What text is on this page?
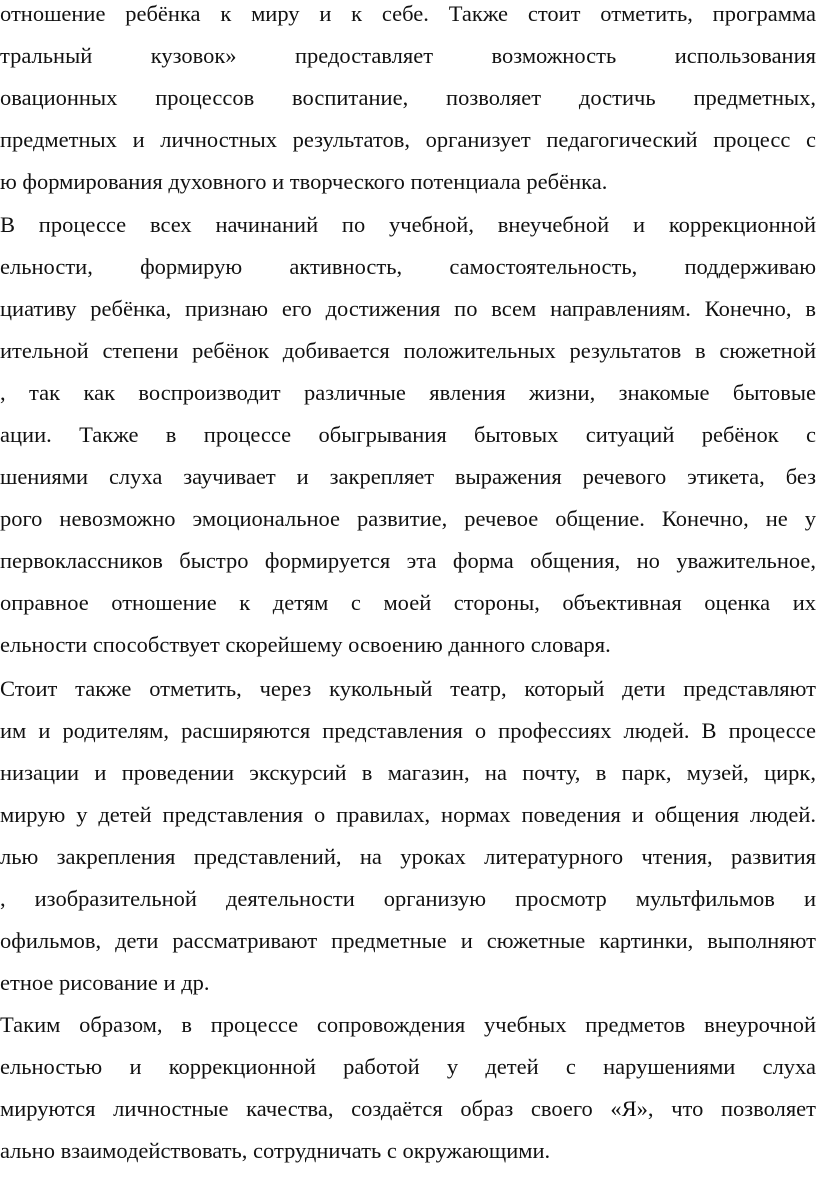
отношение ребёнка к миру и к себе. Также стоит отметить, программа
тральный кузовок» предоставляет возможность использования
овационных процессов воспитание, позволяет достичь предметных,
предметных и личностных результатов, организует педагогический процесс с
ю формирования духовного и творческого потенциала ребёнка.
В процессе всех начинаний по учебной, внеучебной и коррекционной
ельности, формирую активность, самостоятельность, поддерживаю
циативу ребёнка, признаю его достижения по всем направлениям. Конечно, в
ительной степени ребёнок добивается положительных результатов в сюжетной
, так как воспроизводит различные явления жизни, знакомые бытовые
ации. Также в процессе обыгрывания бытовых ситуаций ребёнок с
шениями слуха заучивает и закрепляет выражения речевого этикета, без
рого невозможно эмоциональное развитие, речевое общение. Конечно, не у
первоклассников быстро формируется эта форма общения, но уважительное,
оправное отношение к детям с моей стороны, объективная оценка их
ельности способствует скорейшему освоению данного словаря.
Стоит также отметить, через кукольный театр, который дети представляют
им и родителям, расширяются представления о профессиях людей. В процессе
низации и проведении экскурсий в магазин, на почту, в парк, музей, цирк,
мирую у детей представления о правилах, нормах поведения и общения людей.
лью закрепления представлений, на уроках литературного чтения, развития
, изобразительной деятельности организую просмотр мультфильмов и
офильмов, дети рассматривают предметные и сюжетные картинки, выполняют
етное рисование и др.
Таким образом, в процессе сопровождения учебных предметов внеурочной
ельностью и коррекционной работой у детей с нарушениями слуха
мируются личностные качества, создаётся образ своего «Я», что позволяет
ально взаимодействовать, сотрудничать с окружающими.
